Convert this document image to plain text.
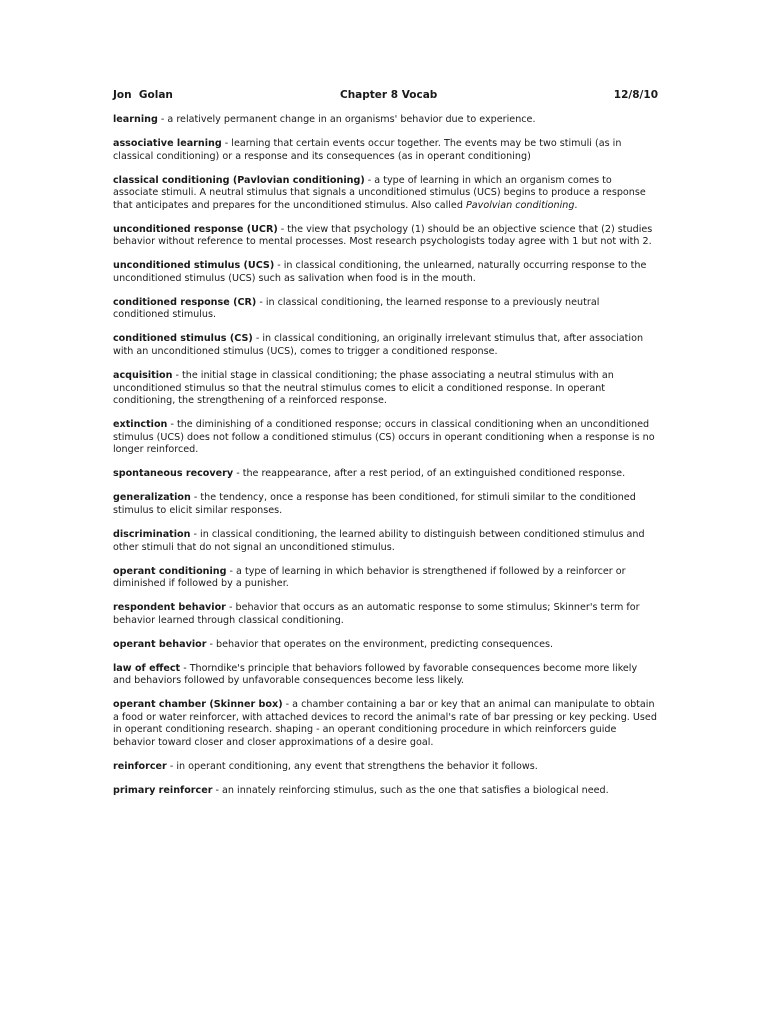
Jon  Golan	Chapter 8 Vocab	12/8/10

learning - a relatively permanent change in an organisms' behavior due to experience.

associative learning - learning that certain events occur together. The events may be two stimuli (as in classical conditioning) or a response and its consequences (as in operant conditioning)

classical conditioning (Pavlovian conditioning) - a type of learning in which an organism comes to associate stimuli. A neutral stimulus that signals a unconditioned stimulus (UCS) begins to produce a response that anticipates and prepares for the unconditioned stimulus. Also called Pavolvian conditioning.

unconditioned response (UCR) - the view that psychology (1) should be an objective science that (2) studies behavior without reference to mental processes. Most research psychologists today agree with 1 but not with 2.

unconditioned stimulus (UCS) - in classical conditioning, the unlearned, naturally occurring response to the unconditioned stimulus (UCS) such as salivation when food is in the mouth.

conditioned response (CR) - in classical conditioning, the learned response to a previously neutral conditioned stimulus.

conditioned stimulus (CS) - in classical conditioning, an originally irrelevant stimulus that, after association with an unconditioned stimulus (UCS), comes to trigger a conditioned response.

acquisition - the initial stage in classical conditioning; the phase associating a neutral stimulus with an unconditioned stimulus so that the neutral stimulus comes to elicit a conditioned response. In operant conditioning, the strengthening of a reinforced response.

extinction - the diminishing of a conditioned response; occurs in classical conditioning when an unconditioned stimulus (UCS) does not follow a conditioned stimulus (CS) occurs in operant conditioning when a response is no longer reinforced.

spontaneous recovery - the reappearance, after a rest period, of an extinguished conditioned response.

generalization - the tendency, once a response has been conditioned, for stimuli similar to the conditioned stimulus to elicit similar responses.

discrimination - in classical conditioning, the learned ability to distinguish between conditioned stimulus and other stimuli that do not signal an unconditioned stimulus.

operant conditioning - a type of learning in which behavior is strengthened if followed by a reinforcer or diminished if followed by a punisher.

respondent behavior - behavior that occurs as an automatic response to some stimulus; Skinner's term for behavior learned through classical conditioning.

operant behavior - behavior that operates on the environment, predicting consequences.

law of effect - Thorndike's principle that behaviors followed by favorable consequences become more likely and behaviors followed by unfavorable consequences become less likely.

operant chamber (Skinner box) - a chamber containing a bar or key that an animal can manipulate to obtain a food or water reinforcer, with attached devices to record the animal's rate of bar pressing or key pecking. Used in operant conditioning research. shaping - an operant conditioning procedure in which reinforcers guide behavior toward closer and closer approximations of a desire goal.

reinforcer - in operant conditioning, any event that strengthens the behavior it follows.

primary reinforcer - an innately reinforcing stimulus, such as the one that satisfies a biological need.
